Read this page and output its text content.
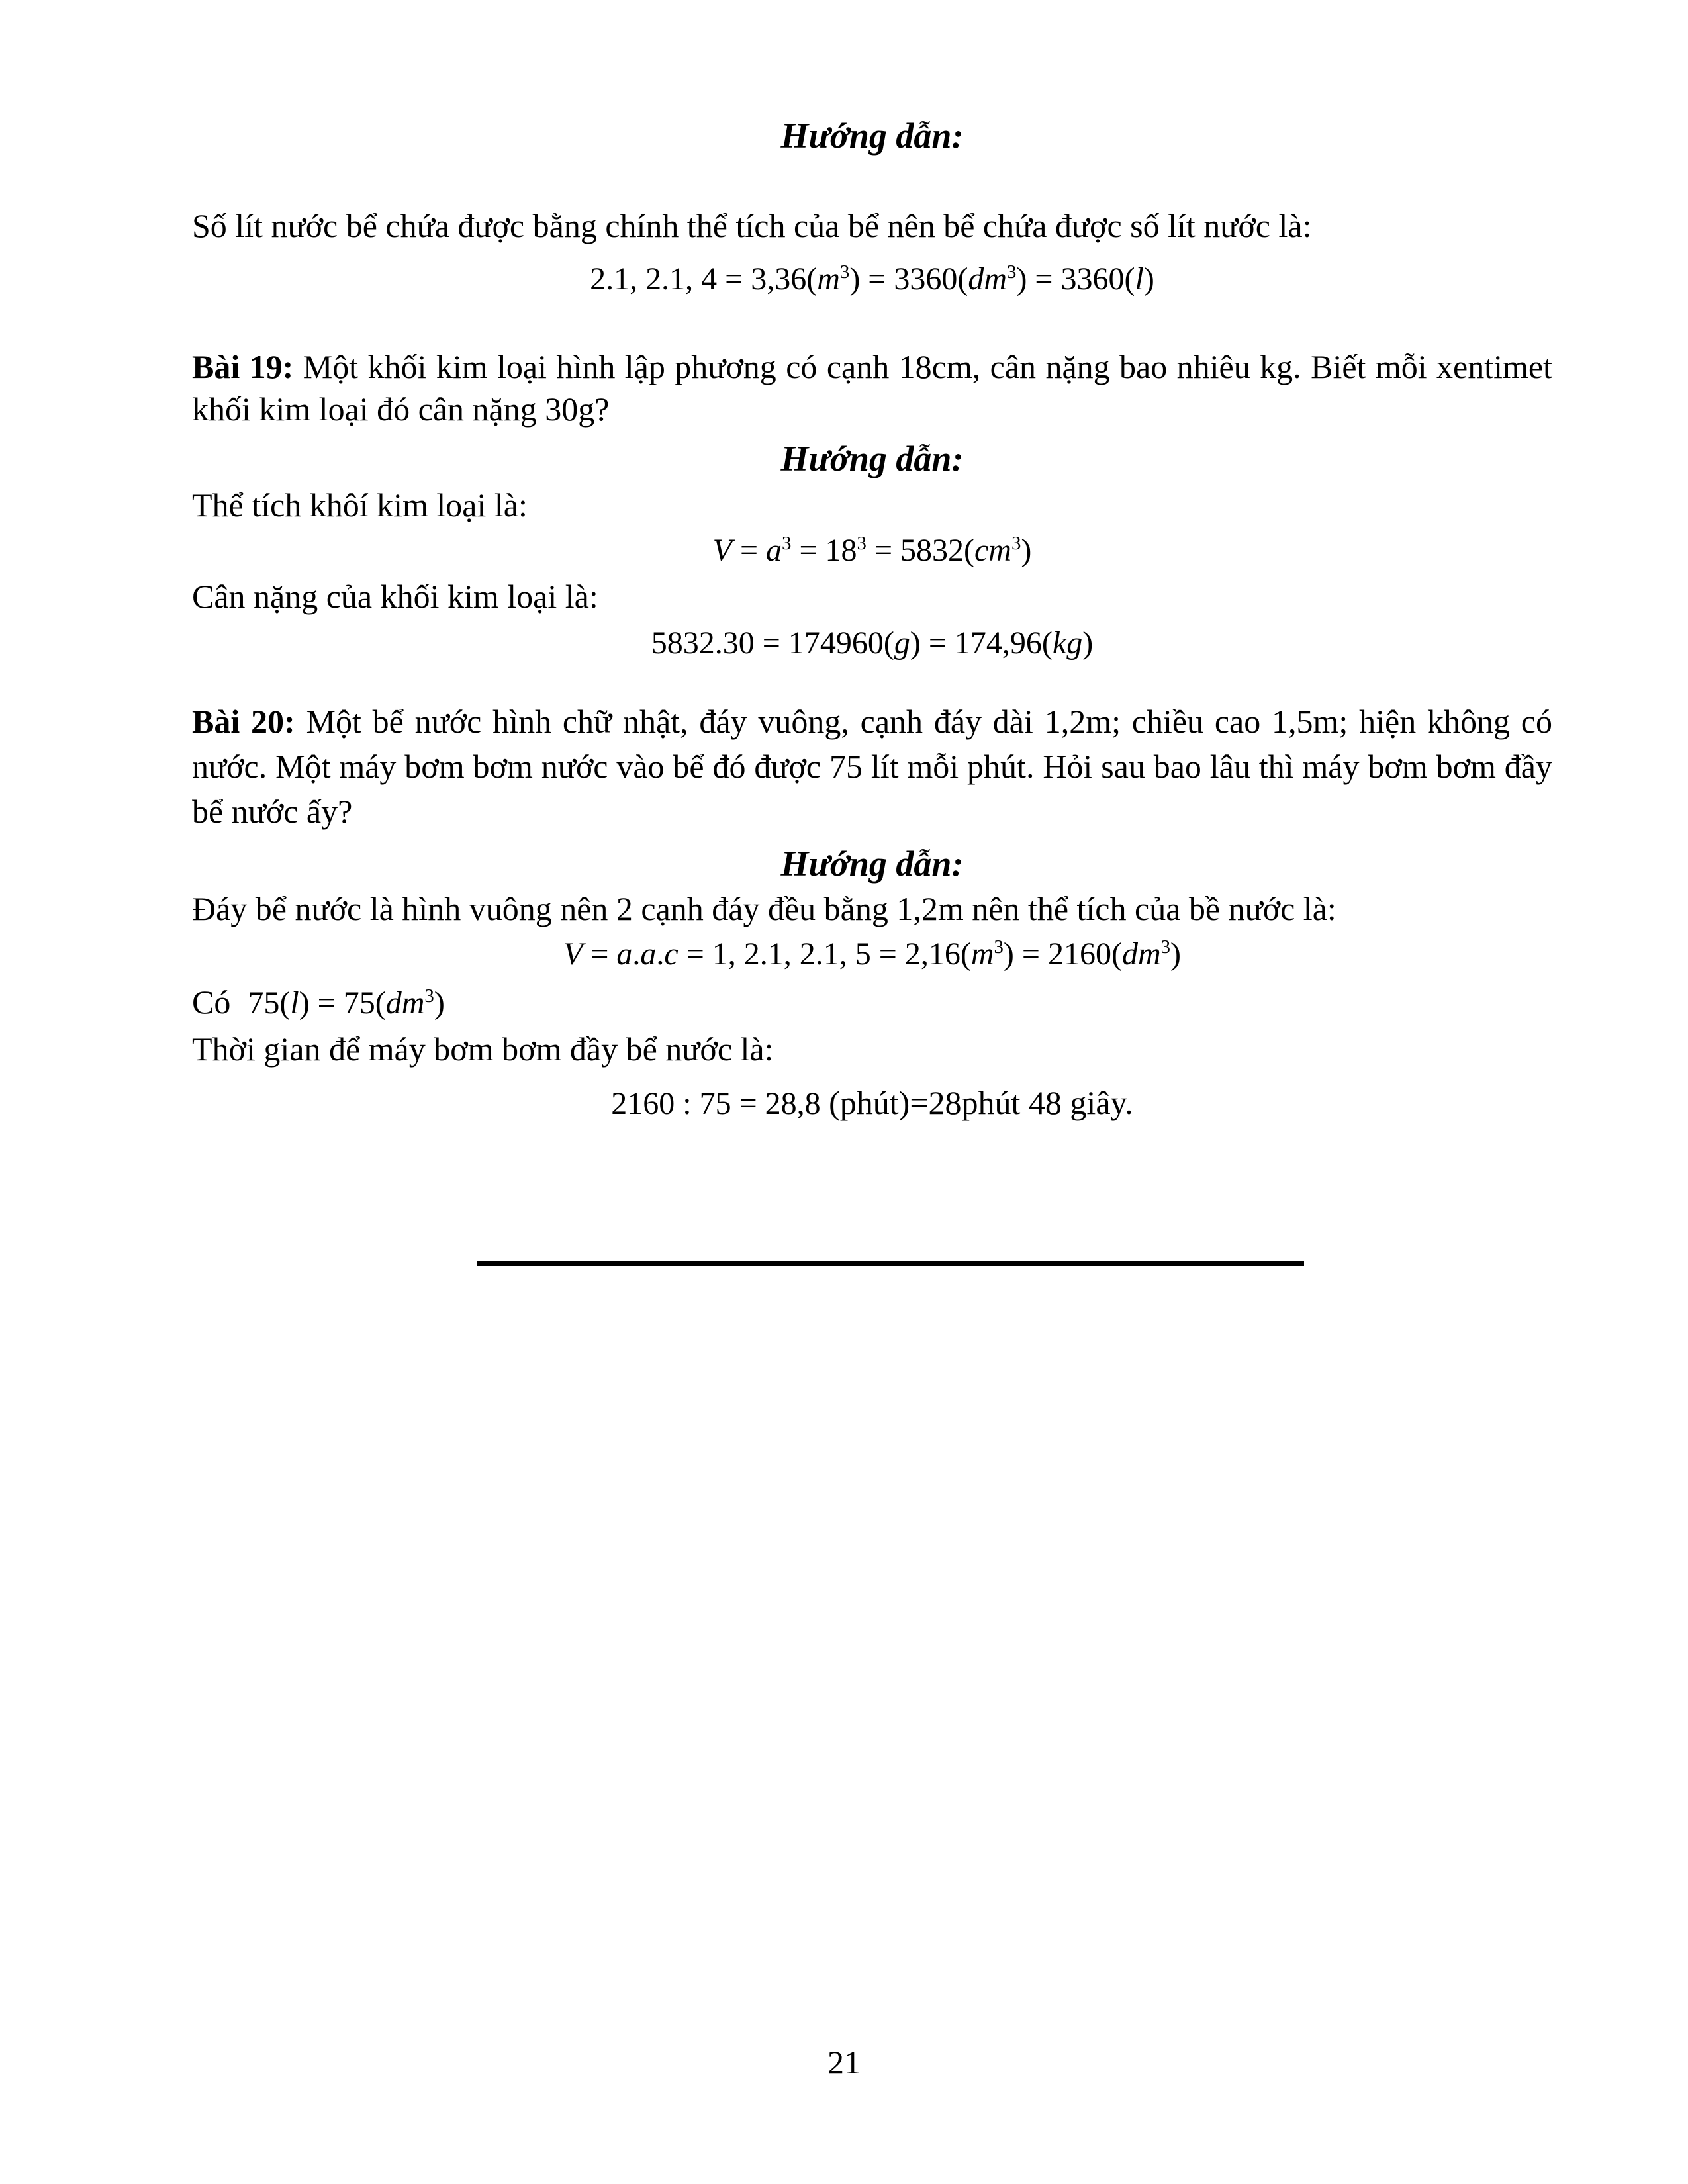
Hướng dẫn:
Số lít nước bể chứa được bằng chính thể tích của bể nên bể chứa được số lít nước là:
2.1, 2.1, $4 = 3,36(m^3) = 3360(dm^3) = 3360(l)$

Bài 19: Một khối kim loại hình lập phương có cạnh 18cm, cân nặng bao nhiêu kg. Biết mỗi xentimet khối kim loại đó cân nặng 30g?

Hướng dẫn:
Thể tích khôí kim loại là:
$V = a^3 = 18^3 = 5832(cm^3)$
Cân nặng của khối kim loại là:
5832.30 = 174960(g) = 174,96(kg)

Bài 20: Một bể nước hình chữ nhật, đáy vuông, cạnh đáy dài 1,2m; chiều cao 1,5m; hiện không có nước. Một máy bơm bơm nước vào bể đó được 75 lít mỗi phút. Hỏi sau bao lâu thì máy bơm bơm đầy bể nước ấy?

Hướng dẫn:
Đáy bể nước là hình vuông nên 2 cạnh đáy đều bằng 1,2m nên thể tích của bề nước là:
V = a.a.c = 1, 2.1, 2.1, $5 = 2,16(m^3) = 2160(dm^3)$
Có $75(l) = 75(dm^3)$
Thời gian để máy bơm bơm đầy bể nước là:
2160 : 75 = 28,8 (phút)=28phút 48 giây.
21
